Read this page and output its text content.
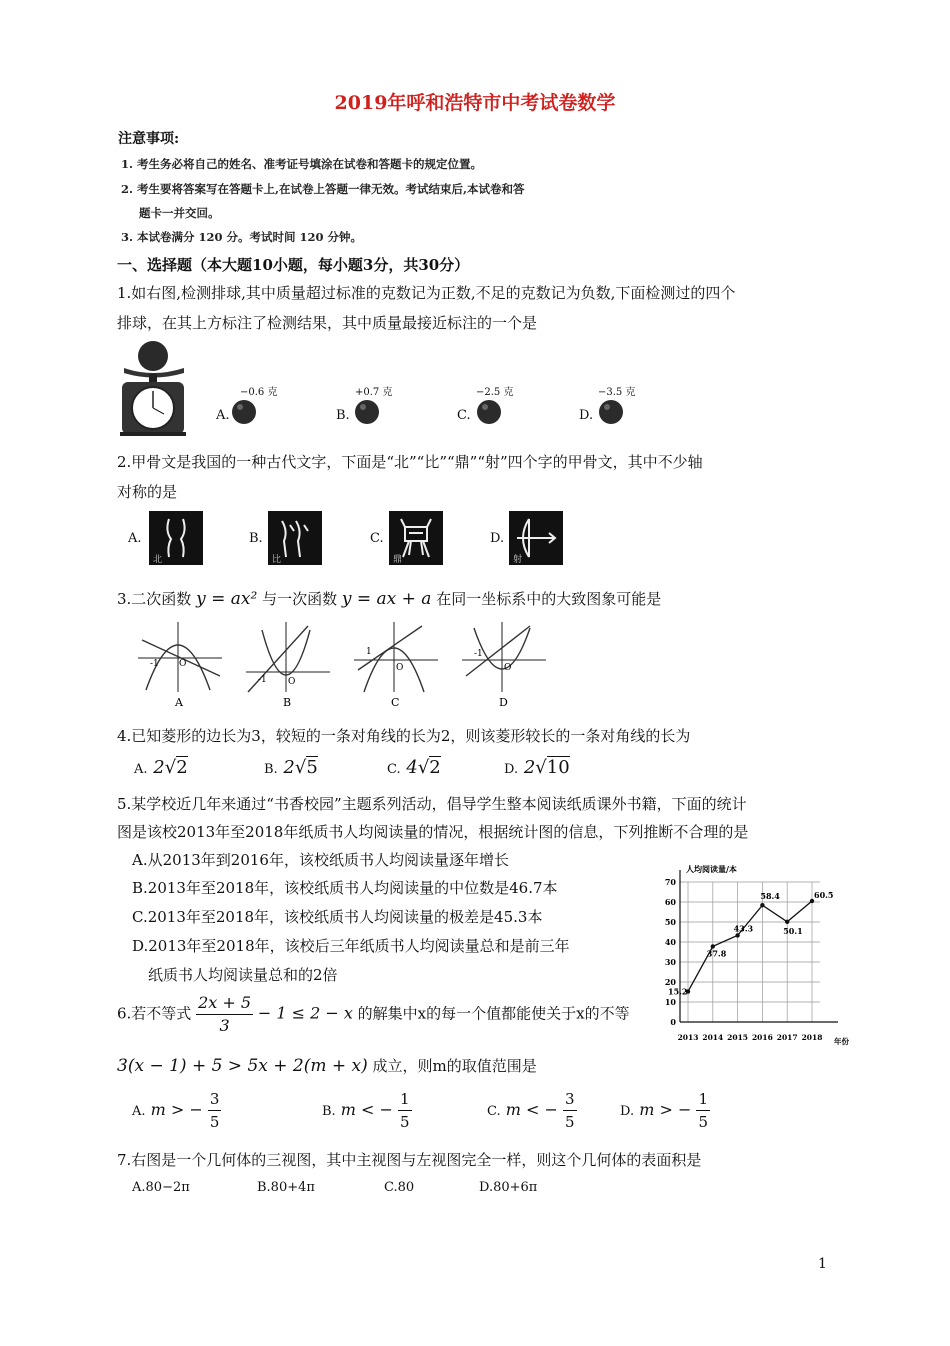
2019年呼和浩特市中考试卷数学
注意事项:
1. 考生务必将自己的姓名、准考证号填涂在试卷和答题卡的规定位置。
2. 考生要将答案写在答题卡上,在试卷上答题一律无效。考试结束后,本试卷和答
题卡一并交回。
3. 本试卷满分 120 分。考试时间 120 分钟。
一、选择题（本大题10小题，每小题3分，共30分）
1.如右图,检测排球,其中质量超过标准的克数记为正数,不足的克数记为负数,下面检测过的四个
排球，在其上方标注了检测结果，其中质量最接近标注的一个是
A.
−0.6 克
B.
+0.7 克
C.
−2.5 克
D.
−3.5 克
2.甲骨文是我国的一种古代文字，下面是“北”“比”“鼎”“射”四个字的甲骨文，其中不少轴
对称的是
A.
北
B.
比
C.
鼎
D.
射
3.二次函数 y = ax² 与一次函数 y = ax + a 在同一坐标系中的大致图象可能是
-1 O
A
-1 O
B
1
O
C
-1
O
D
4.已知菱形的边长为3，较短的一条对角线的长为2，则该菱形较长的一条对角线的长为
A. 2√2	B. 2√5	C. 4√2	D. 2√10
5.某学校近几年来通过“书香校园”主题系列活动，倡导学生整本阅读纸质课外书籍，下面的统计
图是该校2013年至2018年纸质书人均阅读量的情况，根据统计图的信息，下列推断不合理的是
A.从2013年到2016年，该校纸质书人均阅读量逐年增长
B.2013年至2018年，该校纸质书人均阅读量的中位数是46.7本
C.2013年至2018年，该校纸质书人均阅读量的极差是45.3本
D.2013年至2018年，该校后三年纸质书人均阅读量总和是前三年
纸质书人均阅读量总和的2倍
0
10
20
30
40
50
60
70
2013 2014 2015 2016 2017 2018
人均阅读量/本
年份
15.2
37.8
43.3
58.4
50.1
60.5
6.若不等式 $\frac{2x + 5}{3} - 1 \le 2 - x$ 的解集中x的每一个值都能使关于x的不等
3(x − 1) + 5 > 5x + 2(m + x) 成立，则m的取值范围是
A. m > − $\frac{3}{5}$	B. m < − $\frac{1}{5}$	C. m < − $\frac{3}{5}$	D. m > − $\frac{1}{5}$
7.右图是一个几何体的三视图，其中主视图与左视图完全一样，则这个几何体的表面积是
A.80−2π	B.80+4π	C.80	D.80+6π
1
